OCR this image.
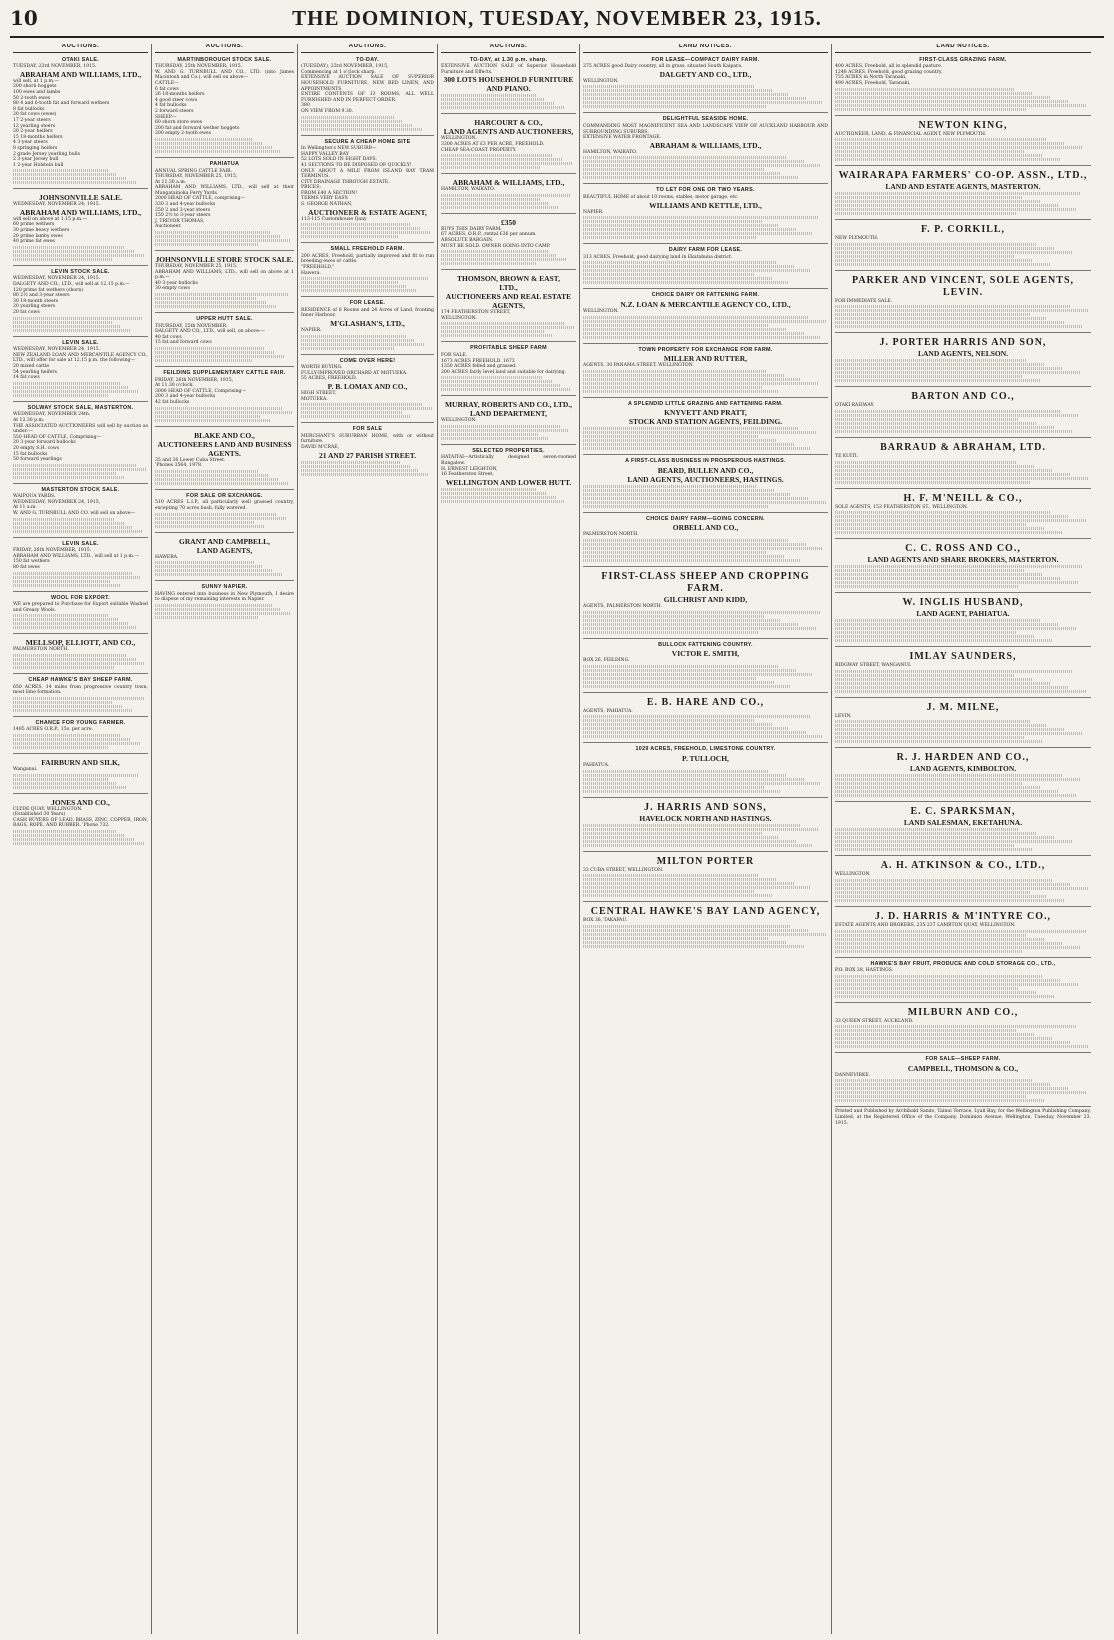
10	THE DOMINION, TUESDAY, NOVEMBER 23, 1915.
AUCTIONS.
OTAKI SALE.
TUESDAY, 23rd NOVEMBER, 1915.
ABRAHAM AND WILLIAMS, LTD.,
will sell, at 1 p.m.—
200 shorn hoggets
100 ewes and lambs
50 2-tooth ewes
80 4 and 6-tooth fat and forward wethers
8 fat bullocks
20 fat cows (ewes)
17 2-year steers
12 yearling steers
20 2-year heifers
15 18-months heifers
4 3-year steers
8 springing heifers
2 grade Jersey yearling bulls
2 3-year Jersey bull
1 2-year Holstein bull
JOHNSONVILLE SALE.
WEDNESDAY, NOVEMBER 24, 1915.
ABRAHAM AND WILLIAMS, LTD.,
will sell on above at 1.15 p.m.—
60 prime wethers
30 prime heavy wethers
20 prime lamby ewes
40 prime fat ewes
LEVIN STOCK SALE.
WEDNESDAY, NOVEMBER 24, 1915.
DALGETY AND CO., LTD., will sell at 12.15 p.m.—
120 prime fat wethers (shorn)
80 2½ and 3-year steers
30 18-month steers
20 yearling steers
20 fat cows
LEVIN SALE.
WEDNESDAY, NOVEMBER 24, 1915.
NEW ZEALAND LOAN AND MERCANTILE AGENCY CO., LTD., will offer for sale at 12.15 p.m. the following—
20 mixed cattle
54 yearling heifers
14 fat cows
SOLWAY STOCK SALE, MASTERTON.
WEDNESDAY, NOVEMBER 24th,
At 12.30 p.m.
THE ASSOCIATED AUCTIONEERS will sell by auction as under:—
550 HEAD OF CATTLE, Comprising—
20 3-year forward bullocks
20 empty S.H. cows
15 fat bullocks
50 forward yearlings
MASTERTON STOCK SALE.
WAIPOUA YARDS.
WEDNESDAY, NOVEMBER 24, 1915,
At 11 a.m.
W. AND G. TURNBULL AND CO. will sell on above—
LEVIN SALE.
FRIDAY, 26th NOVEMBER, 1915.
ABRAHAM AND WILLIAMS, LTD., will sell at 1 p.m.—
150 fat wethers
80 fat ewes
WOOL FOR EXPORT.
WE are prepared to Purchase for Export suitable Washed and Greasy Wools.
MELLSOP, ELLIOTT, AND CO.,
PALMERSTON NORTH.
CHEAP HAWKE'S BAY SHEEP FARM.
650 ACRES, 14 miles from progressive country town, most lime formation.
CHANCE FOR YOUNG FARMER.
1485 ACRES O.R.P., 15s. per acre.
FAIRBURN AND SILK,
Wanganui.
JONES AND CO.,
CLYDE QUAY, WELLINGTON.
(Established 30 Years)
CASH BUYERS OF LEAD, BRASS, ZINC, COPPER, IRON, RAGS, ROPE, AND RUBBER. 'Phone 732.
AUCTIONS.
MARTINBOROUGH STOCK SALE.
THURSDAY, 25th NOVEMBER, 1915.
W. AND G. TURNBULL AND CO., LTD. (into James Macintosh and Co.), will sell on above—
CATTLE—
6 fat cows
26 18-months heifers
4 good steer cows
4 fat bullocks
2 forward steers
SHEEP—
60 shorn store ewes
200 fat and forward wether hoggets
200 empty 2-tooth ewes
PAHIATUA
ANNUAL SPRING CATTLE FAIR.
THURSDAY, NOVEMBER 25, 1915,
At 11.30 a.m.
ABRAHAM AND WILLIAMS, LTD., will sell at their Mangatainoka Ferry Yards.
2000 HEAD OF CATTLE, comprising—
330 3 and 4-year bullocks
250 2 and 3-year steers
150 2½ to 3-year steers
J. TREVOR THOMAS,
Auctioneer.
JOHNSONVILLE STORE STOCK SALE.
THURSDAY, NOVEMBER 25, 1915.
ABRAHAM AND WILLIAMS, LTD., will sell on above at 1 p.m.—
40 3-year bullocks
30 empty cows
UPPER HUTT SALE.
THURSDAY, 25th NOVEMBER.
DALGETY AND CO., LTD., will sell, on above:—
40 fat cows
15 fat and forward cows
FEILDING SUPPLEMENTARY CATTLE FAIR.
FRIDAY, 26th NOVEMBER, 1915,
At 11.30 o'clock.
3000 HEAD OF CATTLE, Comprising—
200 3 and 4-year bullocks
42 fat bullocks
BLAKE AND CO.,
AUCTIONEERS LAND AND BUSINESS AGENTS.
35 and 36 Lower Cuba Street.
'Phones 3564, 1978.
FOR SALE OR EXCHANGE.
510 ACRES L.I.P., all particularly well grassed country, excepting 70 acres bush, fully watered.
GRANT AND CAMPBELL,
LAND AGENTS,
HAWERA.
SUNNY NAPIER.
HAVING entered into business in New Plymouth, I desire to dispose of my remaining interests in Napier.
AUCTIONS.
TO-DAY.
(TUESDAY), 23rd NOVEMBER, 1915,
Commencing at 1 o'clock sharp.
EXTENSIVE AUCTION SALE OF SUPERIOR HOUSEHOLD FURNITURE, NEW BED LINEN, AND APPOINTMENTS.
ENTIRE CONTENTS OF 13 ROOMS, ALL WELL FURNISHED AND IN PERFECT ORDER.
380
ON VIEW FROM 9.30.
SECURE A CHEAP HOME SITE
In Wellington's NEW SUBURB—
HAPPY VALLEY BAY
52 LOTS SOLD IN EIGHT DAYS.
41 SECTIONS TO BE DISPOSED OF QUICKLY!
ONLY ABOUT A MILE FROM ISLAND BAY TRAM TERMINUS.
CITY DRAINAGE THROUGH ESTATE.
PRICES:
FROM £40 A SECTION!
TERMS VERY EASY:
S. GEORGE NATHAN,
AUCTIONEER & ESTATE AGENT,
113-115 Customhouse Quay
SMALL FREEHOLD FARM.
200 ACRES, Freehold, partially improved and fit to run breeding ewes or cattle.
"FREEHOLD,"
Hawera.
FOR LEASE.
RESIDENCE of 8 Rooms and 24 Acres of Land, fronting Inner Harbour.
M'GLASHAN'S, LTD.,
NAPIER.
COME OVER HERE!
WORTH BUYING.
FULLY-IMPROVED ORCHARD AT MOTUEKA.
55 ACRES, FREEHOLD.
P. B. LOMAX AND CO.,
HIGH STREET,
MOTUEKA.
FOR SALE
MERCHANT'S SUBURBAN HOME, with or without furniture.
DAVID M'CRAE,
21 AND 27 PARISH STREET.
AUCTIONS.
TO-DAY, at 1.30 p.m. sharp.
EXTENSIVE AUCTION SALE of Superior Household Furniture and Effects.
300 LOTS HOUSEHOLD FURNITURE AND PIANO.
HARCOURT & CO.,
LAND AGENTS AND AUCTIONEERS,
WELLINGTON.
3300 ACRES AT £3 PER ACRE, FREEHOLD.
CHEAP SEA-COAST PROPERTY.
ABRAHAM & WILLIAMS, LTD.,
HAMILTON, WAIKATO.
£350
BUYS THIS DAIRY FARM.
67 ACRES, O.R.P., rental £36 per annum.
ABSOLUTE BARGAIN.
MUST BE SOLD. OWNER GOING INTO CAMP.
THOMSON, BROWN & EAST,
LTD.,
AUCTIONEERS AND REAL ESTATE AGENTS,
174 FEATHERSTON STREET,
WELLINGTON.
PROFITABLE SHEEP FARM
FOR SALE.
1673 ACRES FREEHOLD. 1673
1350 ACRES felled and grassed.
200 ACRES fairly level land and suitable for dairying.
MURRAY, ROBERTS AND CO., LTD.,
LAND DEPARTMENT,
WELLINGTON.
SELECTED PROPERTIES.
HATAITAI—Artistically designed seven-roomed Bungalow.
H. ERNEST LEIGHTON,
16 Featherston Street,
WELLINGTON AND LOWER HUTT.
LAND NOTICES.
FOR LEASE—COMPACT DAIRY FARM.
275 ACRES good Dairy country, all in grass, situated South Kaipara.
DALGETY AND CO., LTD.,
WELLINGTON.
DELIGHTFUL SEASIDE HOME.
COMMANDING MOST MAGNIFICENT SEA AND LANDSCAPE VIEW OF AUCKLAND HARBOUR AND SURROUNDING SUBURBS.
EXTENSIVE WATER FRONTAGE.
ABRAHAM & WILLIAMS, LTD.,
HAMILTON, WAIKATO.
TO LET FOR ONE OR TWO YEARS.
BEAUTIFUL HOME of about 10 rooms, stables, motor garage, etc.
WILLIAMS AND KETTLE, LTD.,
NAPIER.
DAIRY FARM FOR LEASE.
313 ACRES, Freehold, good dairying land in Ekatahuna district.
CHOICE DAIRY OR FATTENING FARM.
N.Z. LOAN & MERCANTILE AGENCY CO., LTD.,
WELLINGTON.
TOWN PROPERTY FOR EXCHANGE FOR FARM.
MILLER AND RUTTER,
AGENTS, 30 PANAMA STREET, WELLINGTON.
A SPLENDID LITTLE GRAZING AND FATTENING FARM.
KNYVETT AND PRATT,
STOCK AND STATION AGENTS, FEILDING.
A FIRST-CLASS BUSINESS IN PROSPEROUS HASTINGS.
BEARD, BULLEN AND CO.,
LAND AGENTS, AUCTIONEERS, HASTINGS.
CHOICE DAIRY FARM—GOING CONCERN.
ORBELL AND CO.,
PALMERSTON NORTH.
FIRST-CLASS SHEEP AND CROPPING FARM.
GILCHRIST AND KIDD,
AGENTS, PALMERSTON NORTH.
BULLOCK FATTENING COUNTRY.
VICTOR E. SMITH,
BOX 26, FEILDING.
E. B. HARE AND CO.,
AGENTS, PAHIATUA.
1029 ACRES, FREEHOLD, LIMESTONE COUNTRY.
P. TULLOCH,
PAHIATUA.
J. HARRIS AND SONS,
HAVELOCK NORTH AND HASTINGS.
MILTON PORTER
33 CUBA STREET, WELLINGTON.
CENTRAL HAWKE'S BAY LAND AGENCY,
BOX 36, TAKAPAU.
LAND NOTICES.
FIRST-CLASS GRAZING FARM.
400 ACRES, Freehold, all in splendid pasture.
1248 ACRES, Freehold, good grazing country.
735 ACRES in North Taranaki.
490 ACRES, Freehold, Taranaki.
NEWTON KING,
AUCTIONEER, LAND, & FINANCIAL AGENT, NEW PLYMOUTH.
WAIRARAPA FARMERS' CO-OP. ASSN., LTD.,
LAND AND ESTATE AGENTS, MASTERTON.
F. P. CORKILL,
NEW PLYMOUTH.
PARKER AND VINCENT, SOLE AGENTS, LEVIN.
FOR IMMEDIATE SALE.
J. PORTER HARRIS AND SON,
LAND AGENTS, NELSON.
BARTON AND CO.,
OTAKI RAILWAY.
BARRAUD & ABRAHAM, LTD.
TE KUITI.
H. F. M'NEILL & CO.,
SOLE AGENTS, 153 FEATHERSTON ST., WELLINGTON.
C. C. ROSS AND CO.,
LAND AGENTS AND SHARE BROKERS, MASTERTON.
W. INGLIS HUSBAND,
LAND AGENT, PAHIATUA.
IMLAY SAUNDERS,
RIDGWAY STREET, WANGANUI.
J. M. MILNE,
LEVIN.
R. J. HARDEN AND CO.,
LAND AGENTS, KIMBOLTON.
E. C. SPARKSMAN,
LAND SALESMAN, EKETAHUNA.
A. H. ATKINSON & CO., LTD.,
WELLINGTON.
J. D. HARRIS & M'INTYRE CO.,
ESTATE AGENTS AND BROKERS, 235-237 LAMBTON QUAY, WELLINGTON.
HAWKE'S BAY FRUIT, PRODUCE AND COLD STORAGE CO., LTD.,
P.O. BOX 28, HASTINGS.
MILBURN AND CO.,
33 QUEEN STREET, AUCKLAND.
FOR SALE—SHEEP FARM.
CAMPBELL, THOMSON & CO.,
DANNEVIRKE.
Printed and Published by Archibald Sando, Tainui Terrace, Lyall Bay, for the Wellington Publishing Company, Limited, at the Registered Office of the Company, Dominion Avenue, Wellington, Tuesday, November 23, 1915.
